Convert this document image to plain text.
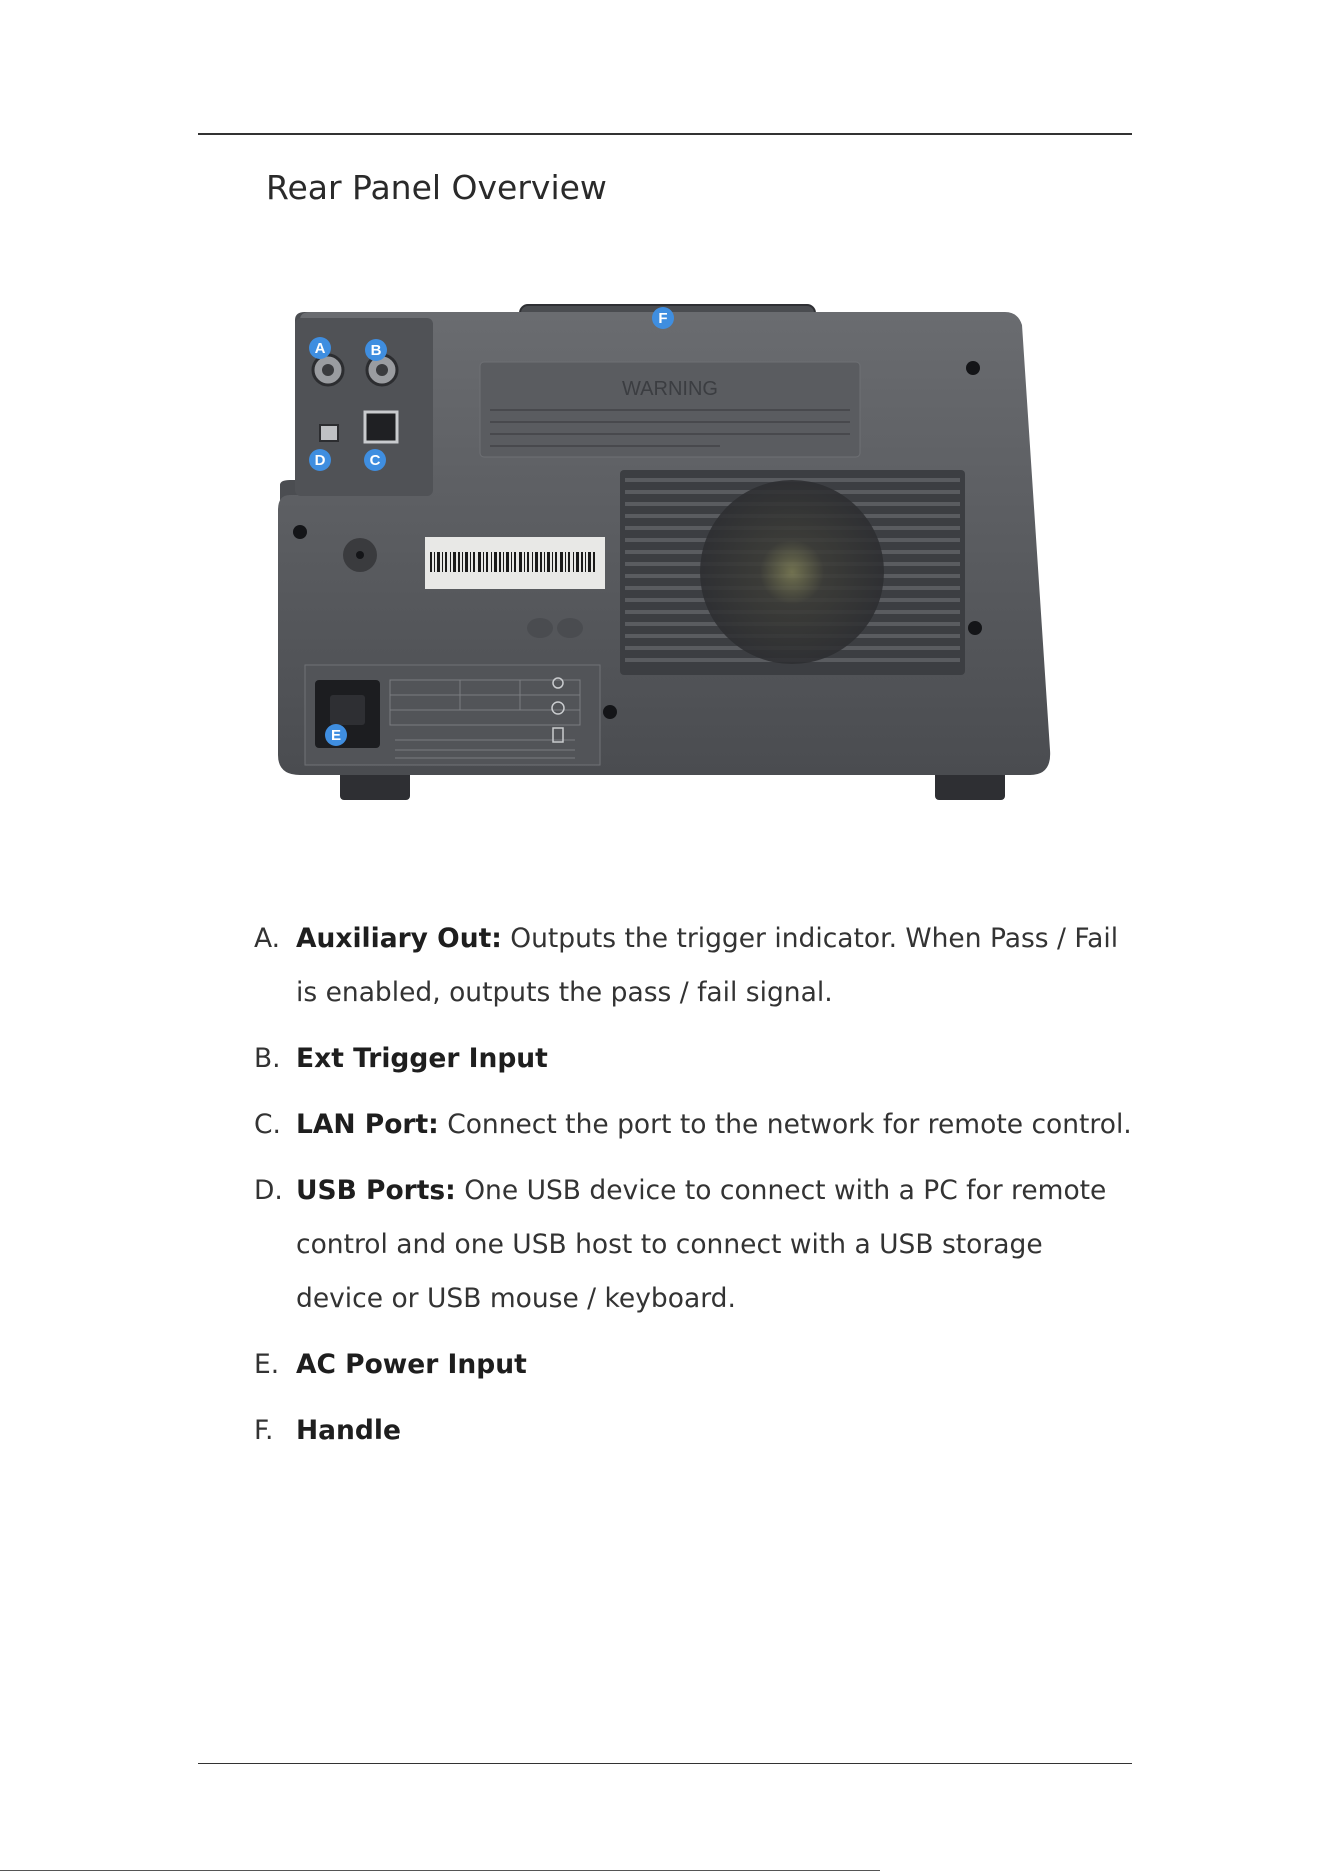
Rear Panel Overview
WARNING
A	B
C
D
E
F
A. Auxiliary Out: Outputs the trigger indicator. When Pass / Fail is enabled, outputs the pass / fail signal.
B. Ext Trigger Input
C. LAN Port: Connect the port to the network for remote control.
D. USB Ports: One USB device to connect with a PC for remote control and one USB host to connect with a USB storage device or USB mouse / keyboard.
E. AC Power Input
F. Handle
